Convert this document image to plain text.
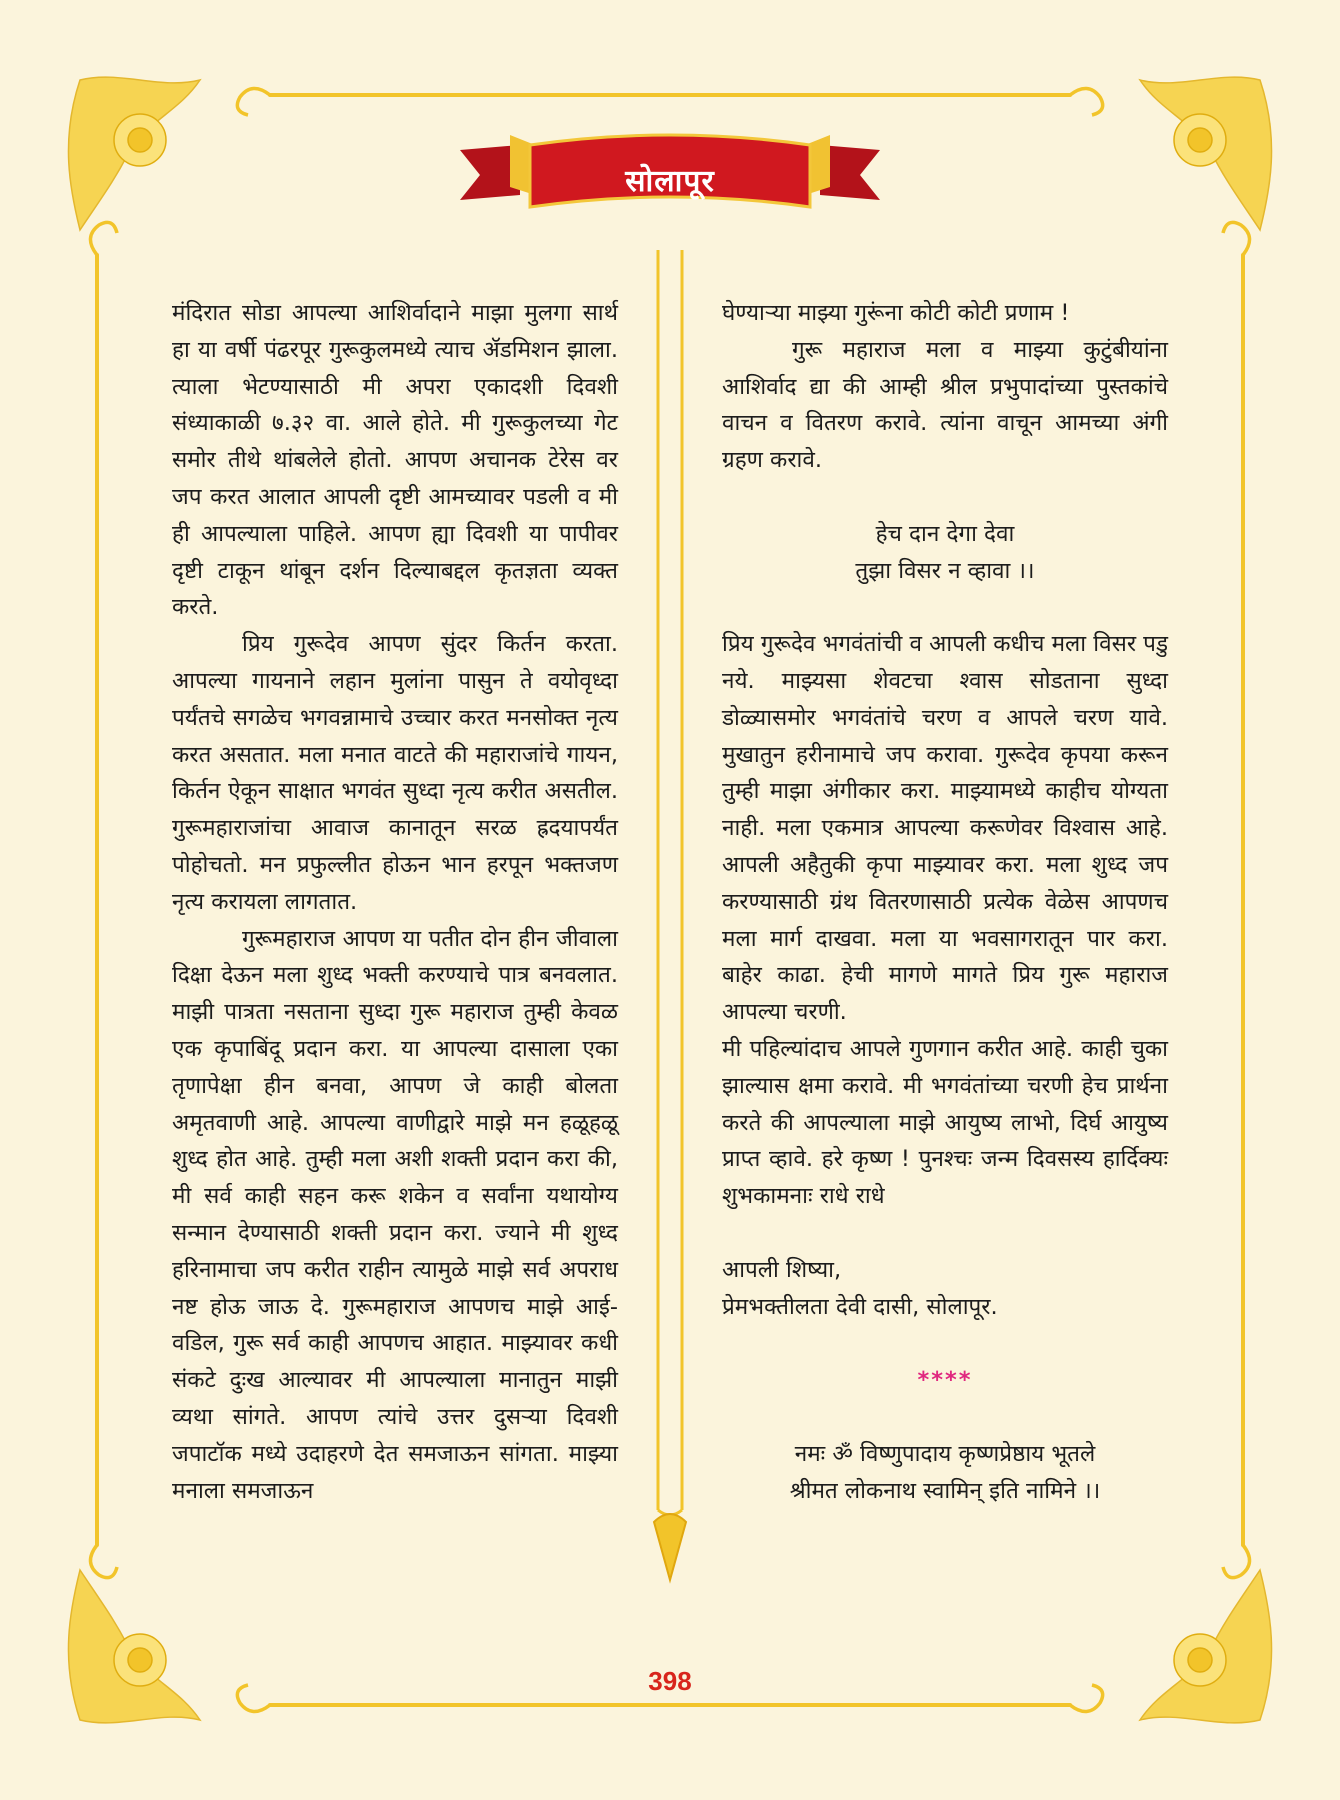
सोलापूर

मंदिरात सोडा आपल्या आशिर्वादाने माझा मुलगा सार्थ हा या वर्षी पंढरपूर गुरूकुलमध्ये त्याच ॲडमिशन झाला. त्याला भेटण्यासाठी मी अपरा एकादशी दिवशी संध्याकाळी ७.३२ वा. आले होते. मी गुरूकुलच्या गेट समोर तीथे थांबलेले होतो. आपण अचानक टेरेस वर जप करत आलात आपली दृष्टी आमच्यावर पडली व मी ही आपल्याला पाहिले. आपण ह्या दिवशी या पापीवर दृष्टी टाकून थांबून दर्शन दिल्याबद्दल कृतज्ञता व्यक्त करते.

प्रिय गुरूदेव आपण सुंदर किर्तन करता. आपल्या गायनाने लहान मुलांना पासुन ते वयोवृध्दा पर्यंतचे सगळेच भगवन्नामाचे उच्चार करत मनसोक्त नृत्य करत असतात. मला मनात वाटते की महाराजांचे गायन, किर्तन ऐकून साक्षात भगवंत सुध्दा नृत्य करीत असतील. गुरूमहाराजांचा आवाज कानातून सरळ ह्रदयापर्यंत पोहोचतो. मन प्रफुल्लीत होऊन भान हरपून भक्तजण नृत्य करायला लागतात.

गुरूमहाराज आपण या पतीत दोन हीन जीवाला दिक्षा देऊन मला शुध्द भक्ती करण्याचे पात्र बनवलात. माझी पात्रता नसताना सुध्दा गुरू महाराज तुम्ही केवळ एक कृपाबिंदू प्रदान करा. या आपल्या दासाला एका तृणापेक्षा हीन बनवा, आपण जे काही बोलता अमृतवाणी आहे. आपल्या वाणीद्वारे माझे मन हळूहळू शुध्द होत आहे. तुम्ही मला अशी शक्ती प्रदान करा की, मी सर्व काही सहन करू शकेन व सर्वांना यथायोग्य सन्मान देण्यासाठी शक्ती प्रदान करा. ज्याने मी शुध्द हरिनामाचा जप करीत राहीन त्यामुळे माझे सर्व अपराध नष्ट होऊ जाऊ दे. गुरूमहाराज आपणच माझे आई-वडिल, गुरू सर्व काही आपणच आहात. माझ्यावर कधी संकटे दुःख आल्यावर मी आपल्याला मानातुन माझी व्यथा सांगते. आपण त्यांचे उत्तर दुसऱ्या दिवशी जपाटॉक मध्ये उदाहरणे देत समजाऊन सांगता. माझ्या मनाला समजाऊन

घेण्याऱ्या माझ्या गुरूंना कोटी कोटी प्रणाम !

गुरू महाराज मला व माझ्या कुटुंबीयांना आशिर्वाद द्या की आम्ही श्रील प्रभुपादांच्या पुस्तकांचे वाचन व वितरण करावे. त्यांना वाचून आमच्या अंगी ग्रहण करावे.

हेच दान देगा देवा

तुझा विसर न व्हावा ।।

प्रिय गुरूदेव भगवंतांची व आपली कधीच मला विसर पडु नये. माझ्यसा शेवटचा श्वास सोडताना सुध्दा डोळ्यासमोर भगवंतांचे चरण व आपले चरण यावे. मुखातुन हरीनामाचे जप करावा. गुरूदेव कृपया करून तुम्ही माझा अंगीकार करा. माझ्यामध्ये काहीच योग्यता नाही. मला एकमात्र आपल्या करूणेवर विश्वास आहे. आपली अहैतुकी कृपा माझ्यावर करा. मला शुध्द जप करण्यासाठी ग्रंथ वितरणासाठी प्रत्येक वेळेस आपणच मला मार्ग दाखवा. मला या भवसागरातून पार करा. बाहेर काढा. हेची मागणे मागते प्रिय गुरू महाराज आपल्या चरणी.

मी पहिल्यांदाच आपले गुणगान करीत आहे. काही चुका झाल्यास क्षमा करावे. मी भगवंतांच्या चरणी हेच प्रार्थना करते की आपल्याला माझे आयुष्य लाभो, दिर्घ आयुष्य प्राप्त व्हावे. हरे कृष्ण ! पुनश्चः जन्म दिवसस्य हार्दिक्यः शुभकामनाः राधे राधे

आपली शिष्या,

प्रेमभक्तीलता देवी दासी, सोलापूर.

****

नमः ॐ विष्णुपादाय कृष्णप्रेष्ठाय भूतले

श्रीमत लोकनाथ स्वामिन् इति नामिने ।।

398
